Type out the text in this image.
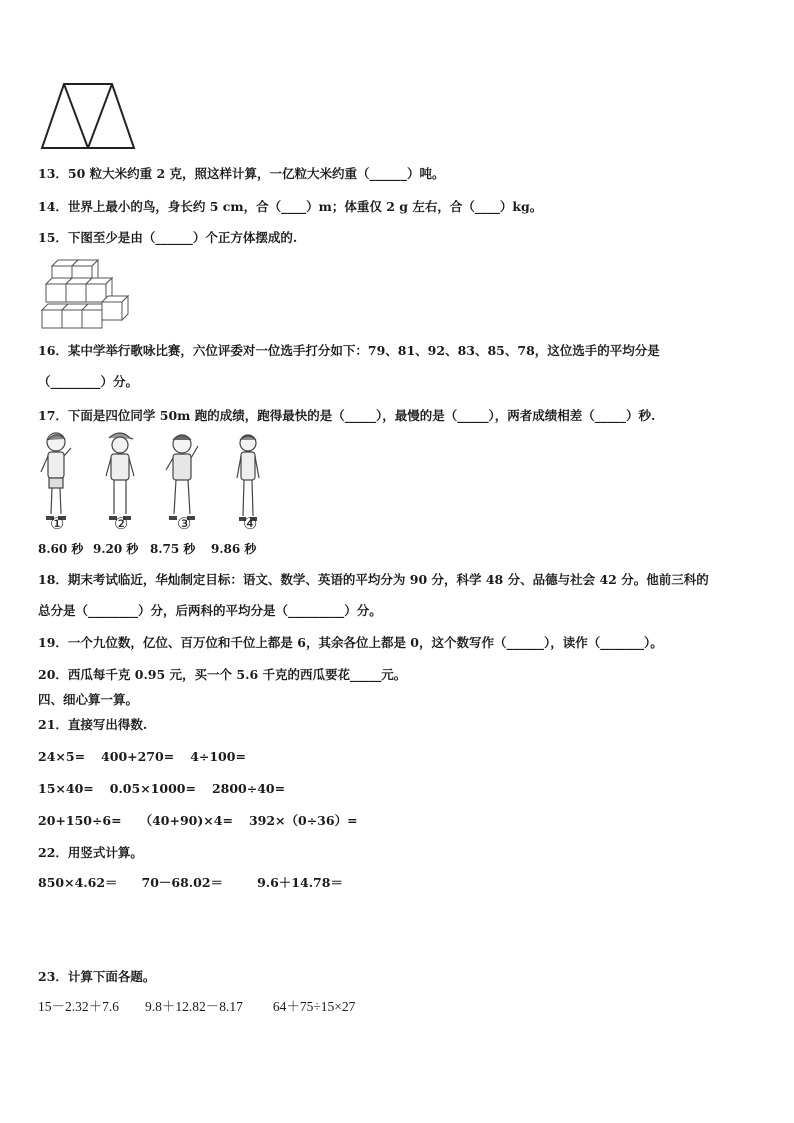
13．50 粒大米约重 2 克，照这样计算，一亿粒大米约重（______）吨。
14．世界上最小的鸟，身长约 5 cm，合（____）m；体重仅 2 g 左右，合（____）kg。
15．下图至少是由（______）个正方体摆成的.
16．某中学举行歌咏比赛，六位评委对一位选手打分如下：79、81、92、83、85、78，这位选手的平均分是
（________）分。
17．下面是四位同学 50m 跑的成绩，跑得最快的是（_____），最慢的是（_____），两者成绩相差（_____）秒.
①	②	③	④
8.60 秒 9.20 秒 8.75 秒 9.86 秒
18．期末考试临近，华灿制定目标：语文、数学、英语的平均分为 90 分，科学 48 分、品德与社会 42 分。他前三科的
总分是（________）分，后两科的平均分是（_________）分。
19．一个九位数，亿位、百万位和千位上都是 6，其余各位上都是 0，这个数写作（______），读作（_______）。
20．西瓜每千克 0.95 元，买一个 5.6 千克的西瓜要花_____元。
四、细心算一算。
21．直接写出得数.
24×5= 400+270= 4÷100=
15×40= 0.05×1000= 2800÷40=
20+150÷6= （40+90)×4= 392×（0÷36）=
22．用竖式计算。
850×4.62＝ 70－68.02＝	9.6＋14.78＝
23．计算下面各题。
15－2.32＋7.6 9.8＋12.82－8.17 64＋75÷15×27
